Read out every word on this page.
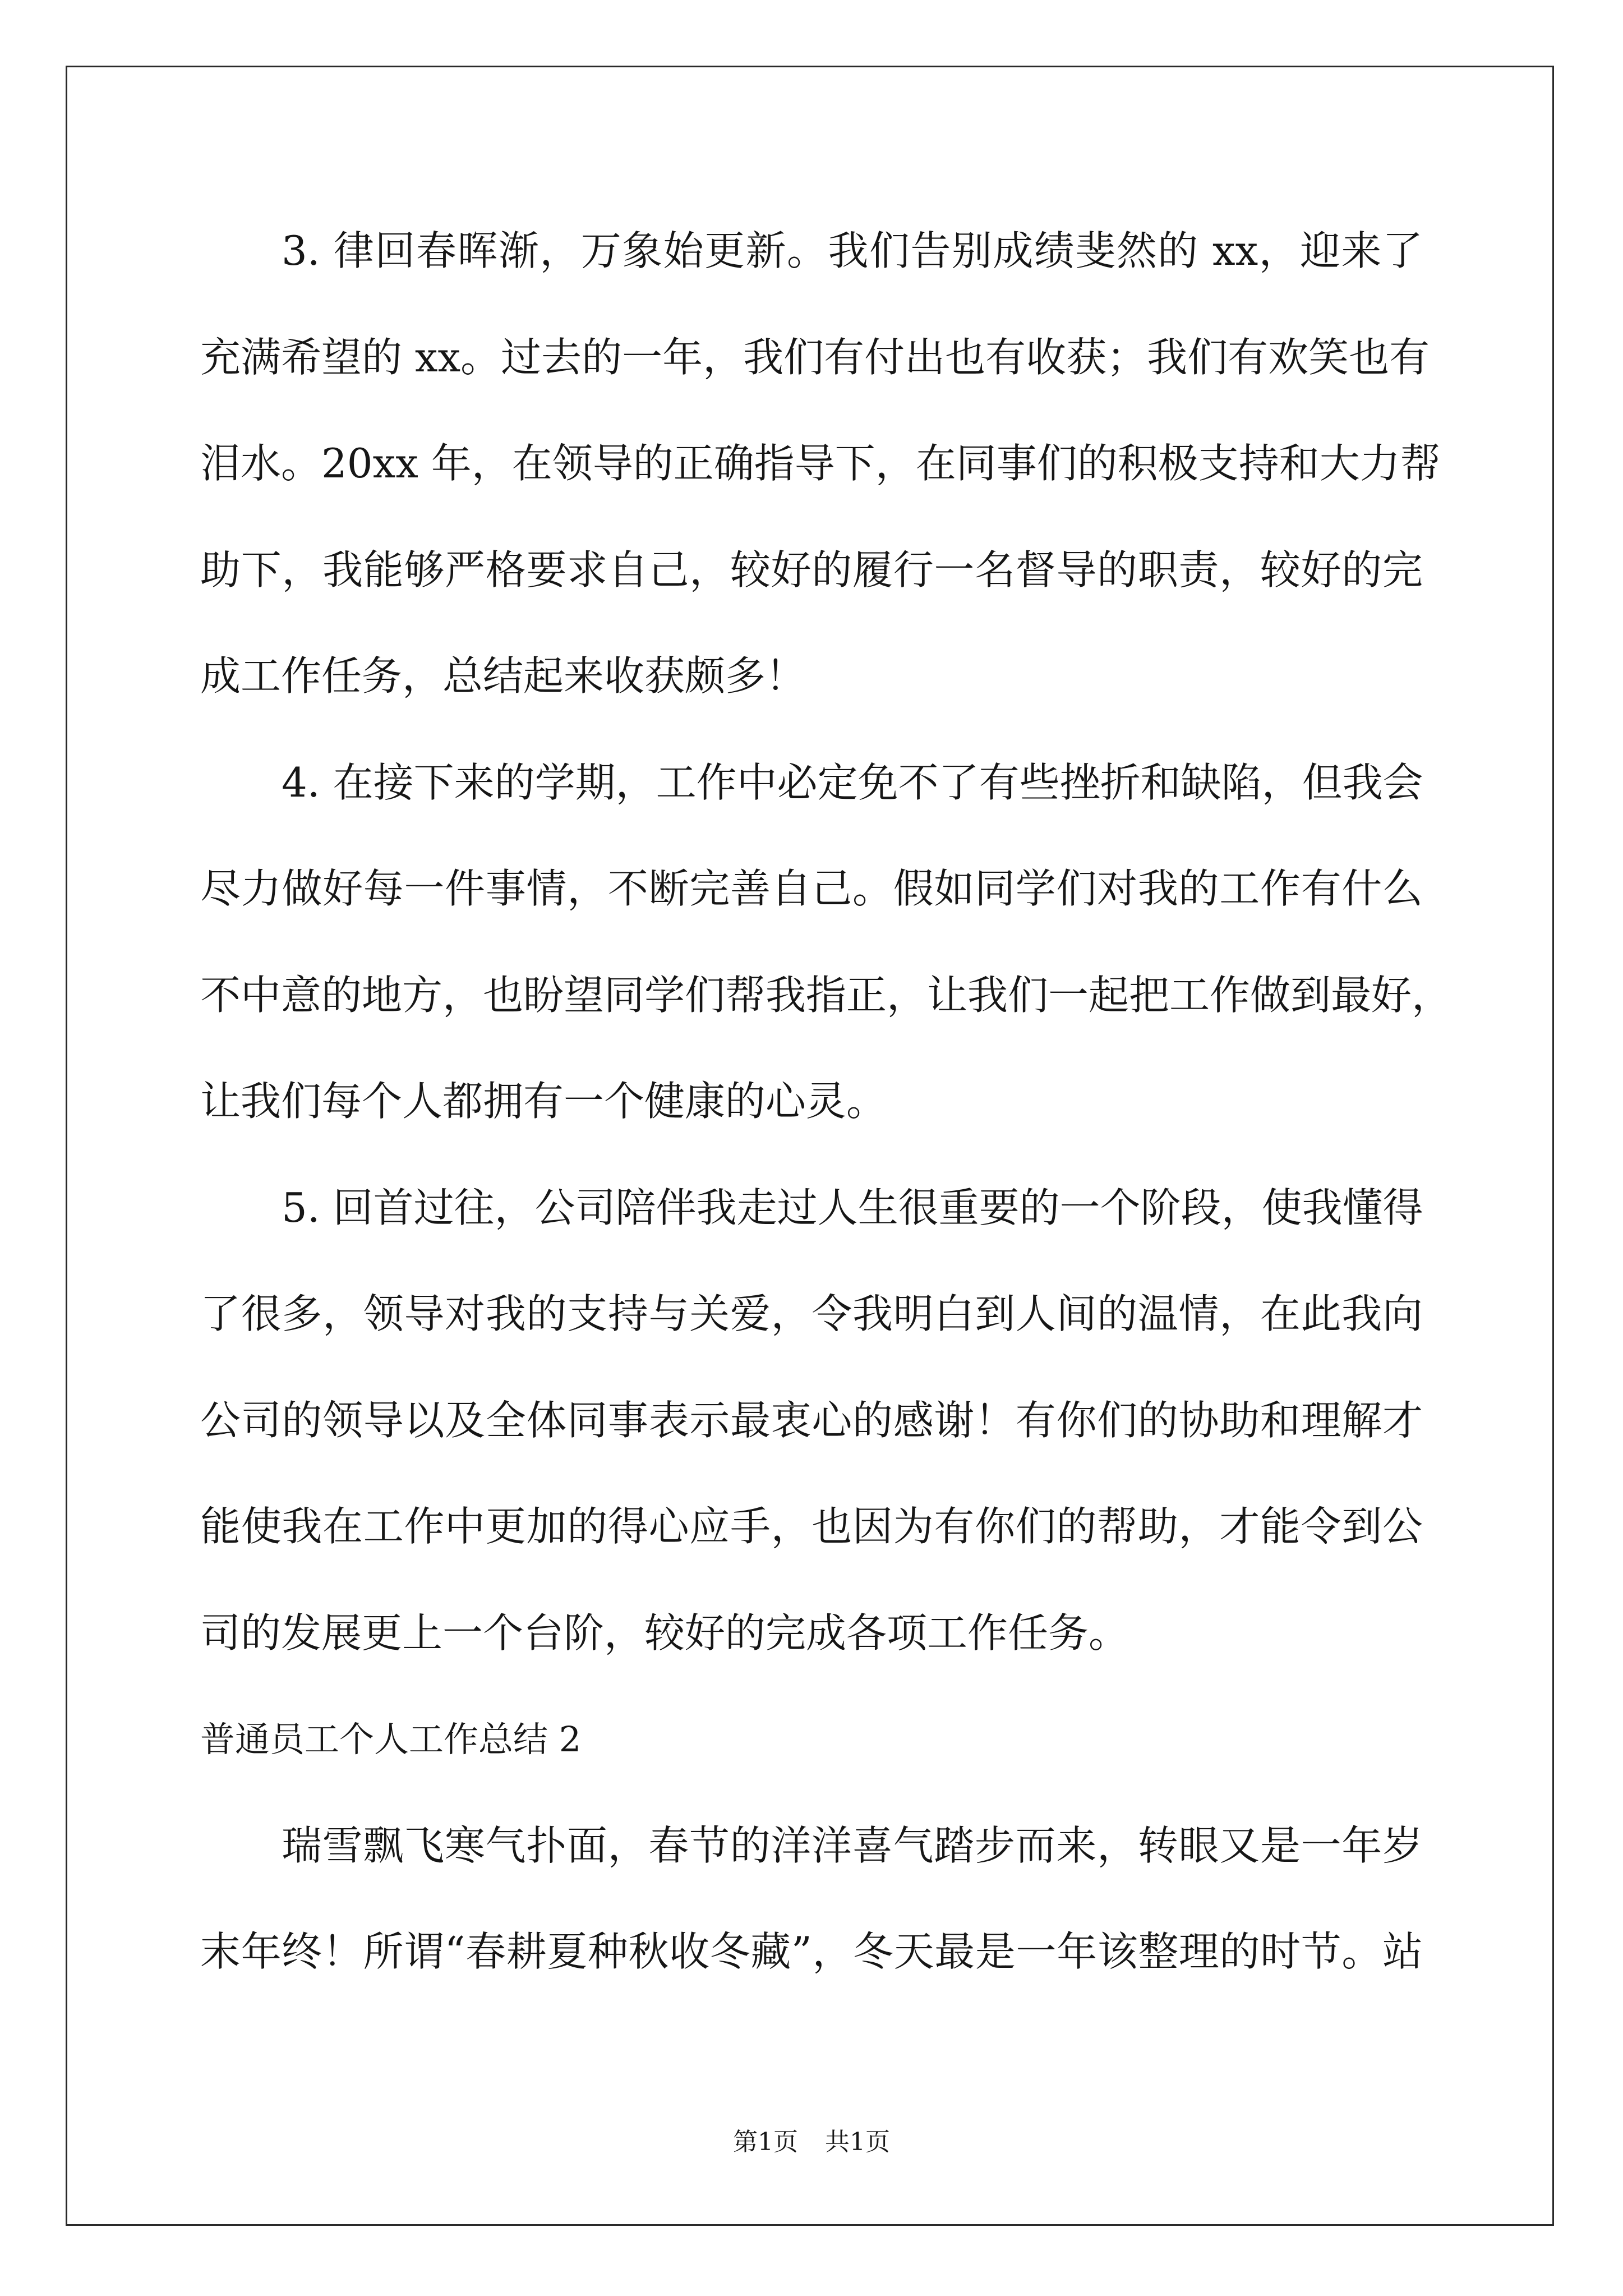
3. 律回春晖渐，万象始更新。我们告别成绩斐然的 xx，迎来了
充满希望的 xx。过去的一年，我们有付出也有收获；我们有欢笑也有
泪水。20xx 年，在领导的正确指导下，在同事们的积极支持和大力帮
助下，我能够严格要求自己，较好的履行一名督导的职责，较好的完
成工作任务，总结起来收获颇多！
4. 在接下来的学期，工作中必定免不了有些挫折和缺陷，但我会
尽力做好每一件事情，不断完善自己。假如同学们对我的工作有什么
不中意的地方，也盼望同学们帮我指正，让我们一起把工作做到最好，
让我们每个人都拥有一个健康的心灵。
5. 回首过往，公司陪伴我走过人生很重要的一个阶段，使我懂得
了很多，领导对我的支持与关爱，令我明白到人间的温情，在此我向
公司的领导以及全体同事表示最衷心的感谢！有你们的协助和理解才
能使我在工作中更加的得心应手，也因为有你们的帮助，才能令到公
司的发展更上一个台阶，较好的完成各项工作任务。
普通员工个人工作总结 2
瑞雪飘飞寒气扑面，春节的洋洋喜气踏步而来，转眼又是一年岁
末年终！所谓“春耕夏种秋收冬藏”，冬天最是一年该整理的时节。站
第1页 共1页
